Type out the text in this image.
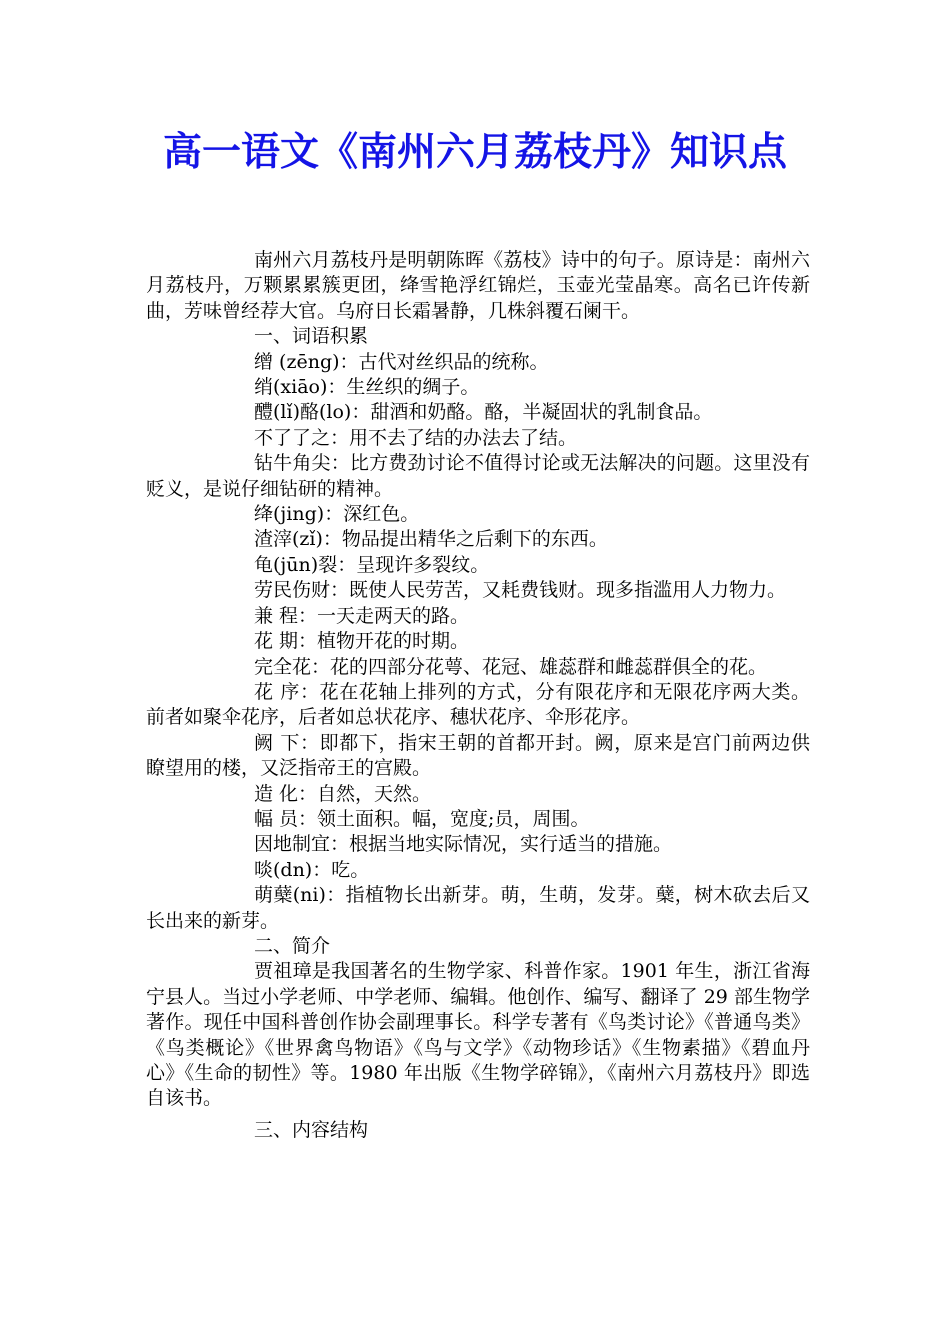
高一语文《南州六月荔枝丹》知识点

南州六月荔枝丹是明朝陈晖《荔枝》诗中的句子。原诗是：南州六月荔枝丹，万颗累累簇更团，绛雪艳浮红锦烂，玉壶光莹晶寒。高名已许传新曲，芳味曾经荐大官。乌府日长霜暑静，几株斜覆石阑干。

一、词语积累

缯 (zēng)：古代对丝织品的统称。

绡(xiāo)：生丝织的绸子。

醴(lǐ)酪(lo)：甜酒和奶酪。酪，半凝固状的乳制食品。

不了了之：用不去了结的办法去了结。

钻牛角尖：比方费劲讨论不值得讨论或无法解决的问题。这里没有贬义，是说仔细钻研的精神。

绛(jing)：深红色。

渣滓(zǐ)：物品提出精华之后剩下的东西。

龟(jūn)裂：呈现许多裂纹。

劳民伤财：既使人民劳苦，又耗费钱财。现多指滥用人力物力。

兼 程：一天走两天的路。

花 期：植物开花的时期。

完全花：花的四部分花萼、花冠、雄蕊群和雌蕊群俱全的花。

花 序：花在花轴上排列的方式，分有限花序和无限花序两大类。前者如聚伞花序，后者如总状花序、穗状花序、伞形花序。

阙 下：即都下，指宋王朝的首都开封。阙，原来是宫门前两边供瞭望用的楼，又泛指帝王的宫殿。

造 化：自然，天然。

幅 员：领土面积。幅，宽度;员，周围。

因地制宜：根据当地实际情况，实行适当的措施。

啖(dn)：吃。

萌蘖(ni)：指植物长出新芽。萌，生萌，发芽。蘖，树木砍去后又长出来的新芽。

二、简介

贾祖璋是我国著名的生物学家、科普作家。1901 年生，浙江省海宁县人。当过小学老师、中学老师、编辑。他创作、编写、翻译了 29 部生物学著作。现任中国科普创作协会副理事长。科学专著有《鸟类讨论》《普通鸟类》《鸟类概论》《世界禽鸟物语》《鸟与文学》《动物珍话》《生物素描》《碧血丹心》《生命的韧性》等。1980 年出版《生物学碎锦》，《南州六月荔枝丹》即选自该书。

三、内容结构
